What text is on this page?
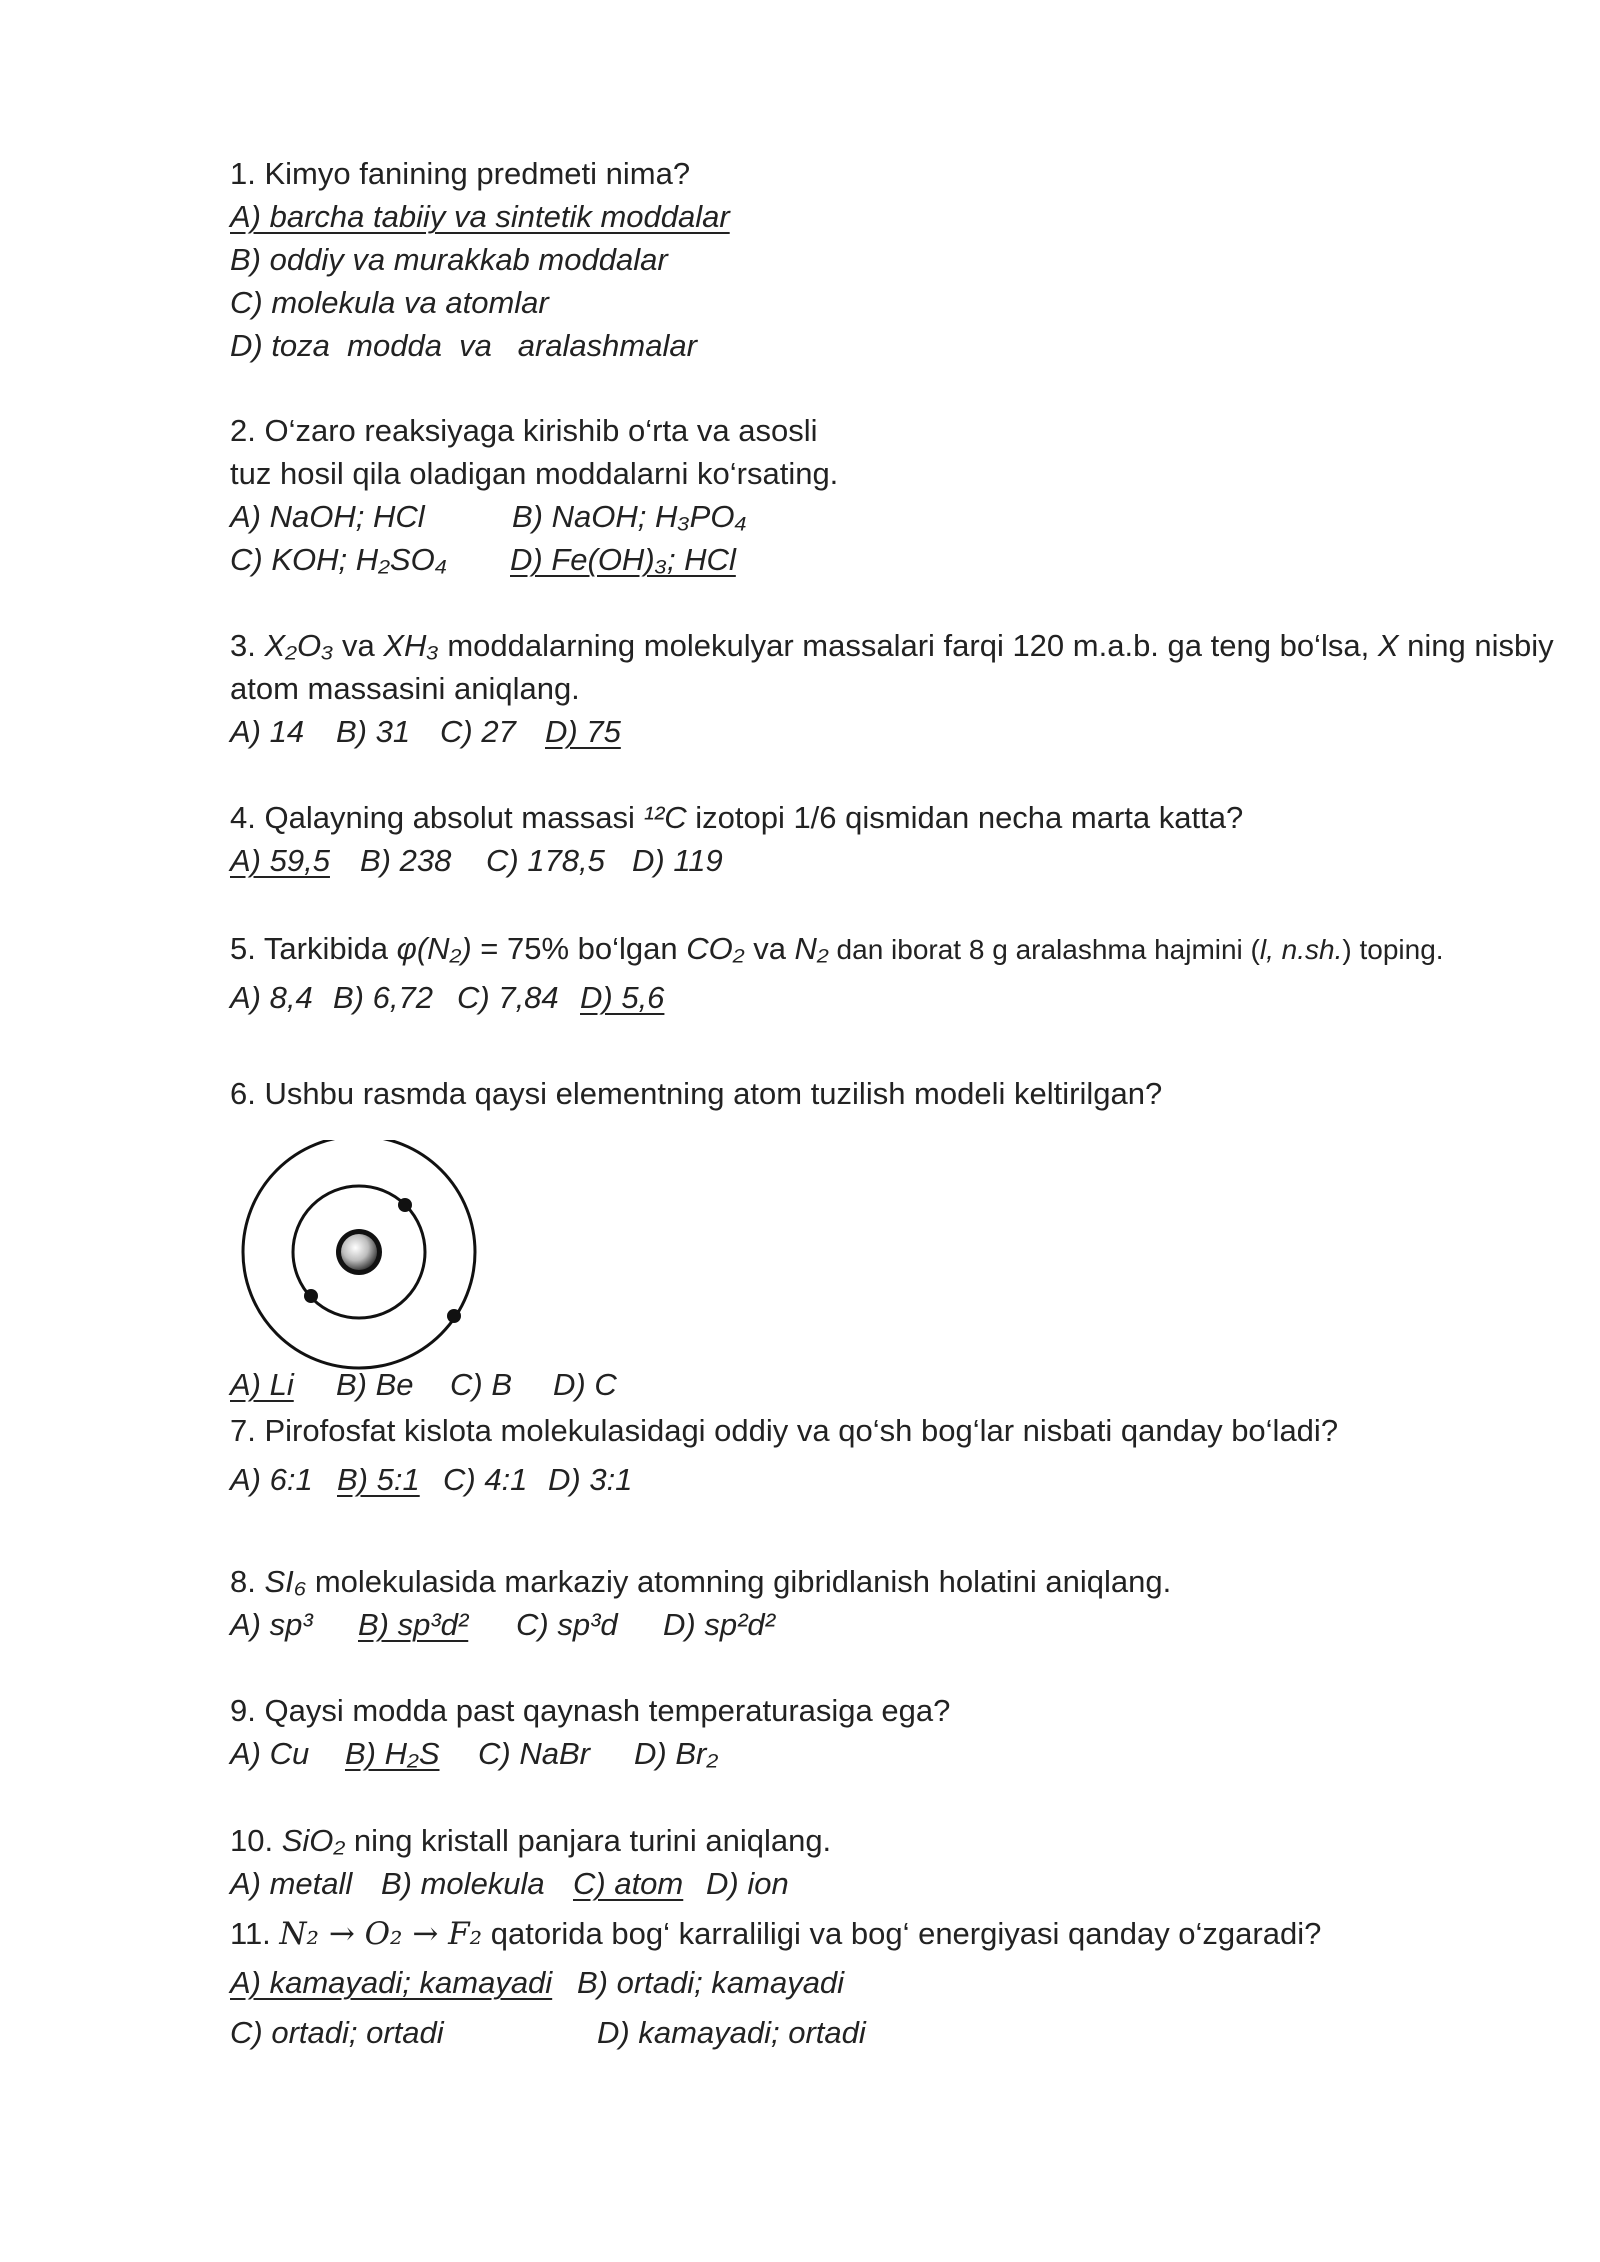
1. Kimyo fanining predmeti nima?
A) barcha tabiiy va sintetik moddalar
B) oddiy va murakkab moddalar
C) molekula va atomlar
D) toza  modda  va   aralashmalar
2. O‘zaro reaksiyaga kirishib o‘rta va asosli
tuz hosil qila oladigan moddalarni ko‘rsating.
A) NaOH; HCl	B) NaOH; H₃PO₄
C) KOH; H₂SO₄ D) Fe(OH)₃; HCl
3. X₂O₃ va XH₃ moddalarning molekulyar massalari farqi 120 m.a.b. ga teng bo‘lsa, X ning nisbiy
atom massasini aniqlang.
A) 14 B) 31 C) 27 D) 75
4. Qalayning absolut massasi ¹²C izotopi 1/6 qismidan necha marta katta?
A) 59,5 B) 238 C) 178,5 D) 119
5. Tarkibida φ(N₂) = 75% bo‘lgan CO₂ va N₂ dan iborat 8 g aralashma hajmini (l, n.sh.) toping.
A) 8,4 B) 6,72 C) 7,84 D) 5,6
6. Ushbu rasmda qaysi elementning atom tuzilish modeli keltirilgan?
A) Li B) Be C) B D) C
7. Pirofosfat kislota molekulasidagi oddiy va qo‘sh bog‘lar nisbati qanday bo‘ladi?
A) 6:1 B) 5:1 C) 4:1 D) 3:1
8. SI₆ molekulasida markaziy atomning gibridlanish holatini aniqlang.
A) sp³ B) sp³d² C) sp³d D) sp²d²
9. Qaysi modda past qaynash temperaturasiga ega?
A) Cu B) H₂S C) NaBr D) Br₂
10. SiO₂ ning kristall panjara turini aniqlang.
A) metall B) molekula C) atom D) ion
11. N₂ → O₂ → F₂ qatorida bog‘ karraliligi va bog‘ energiyasi qanday o‘zgaradi?
A) kamayadi; kamayadi B) ortadi; kamayadi
C) ortadi; ortadi	D) kamayadi; ortadi
